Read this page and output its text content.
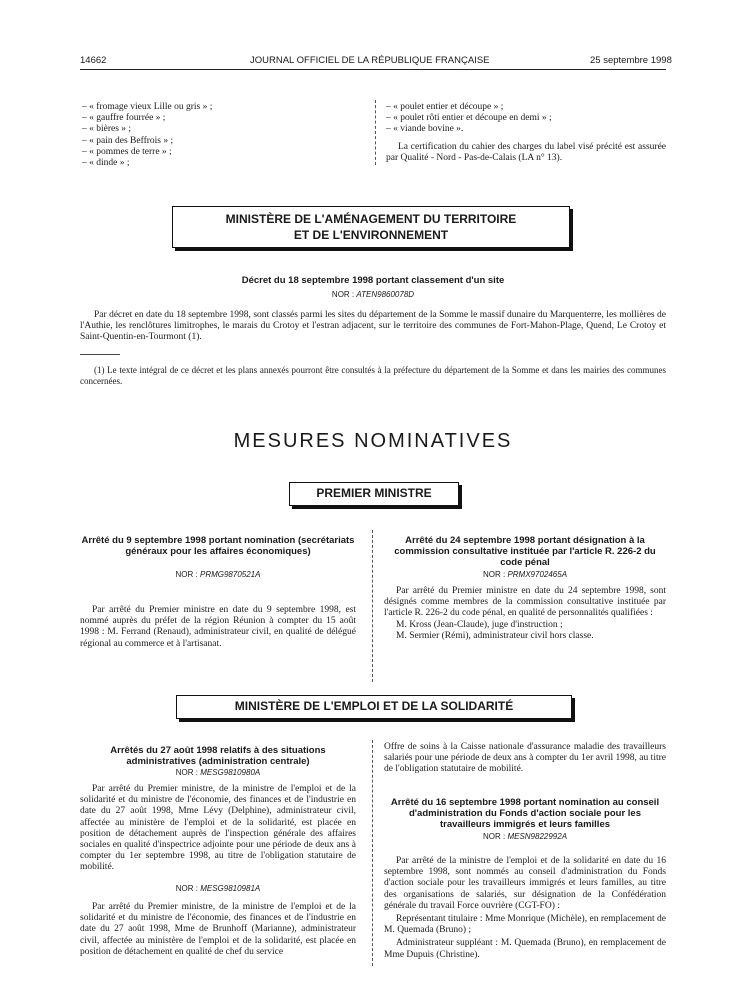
14662	JOURNAL OFFICIEL DE LA RÉPUBLIQUE FRANÇAISE	25 septembre 1998
– « fromage vieux Lille ou gris » ;
– « gauffre fourrée » ;
– « bières » ;
– « pain des Beffrois » ;
– « pommes de terre » ;
– « dinde » ;
– « poulet entier et découpe » ;
– « poulet rôti entier et découpe en demi » ;
– « viande bovine ».

La certification du cahier des charges du label visé précité est assurée par Qualité - Nord - Pas-de-Calais (LA n° 13).

MINISTÈRE DE L'AMÉNAGEMENT DU TERRITOIRE
ET DE L'ENVIRONNEMENT
Décret du 18 septembre 1998 portant classement d'un site
NOR : ATEN9860078D

Par décret en date du 18 septembre 1998, sont classés parmi les sites du département de la Somme le massif dunaire du Marquenterre, les mollières de l'Authie, les renclôtures limitrophes, le marais du Crotoy et l'estran adjacent, sur le territoire des communes de Fort-Mahon-Plage, Quend, Le Crotoy et Saint-Quentin-en-Tourmont (1).

(1) Le texte intégral de ce décret et les plans annexés pourront être consultés à la préfecture du département de la Somme et dans les mairies des communes concernées.

MESURES NOMINATIVES
PREMIER MINISTRE
Arrêté du 9 septembre 1998 portant nomination (secrétariats généraux pour les affaires économiques)
NOR : PRMG9870521A

Par arrêté du Premier ministre en date du 9 septembre 1998, est nommé auprès du préfet de la région Réunion à compter du 15 août 1998 : M. Ferrand (Renaud), administrateur civil, en qualité de délégué régional au commerce et à l'artisanat.

Arrêté du 24 septembre 1998 portant désignation à la commission consultative instituée par l'article R. 226-2 du code pénal
NOR : PRMX9702465A

Par arrêté du Premier ministre en date du 24 septembre 1998, sont désignés comme membres de la commission consultative instituée par l'article R. 226-2 du code pénal, en qualité de personnalités qualifiées :

M. Kross (Jean-Claude), juge d'instruction ;

M. Sermier (Rémi), administrateur civil hors classe.

MINISTÈRE DE L'EMPLOI ET DE LA SOLIDARITÉ
Arrêtés du 27 août 1998 relatifs à des situations administratives (administration centrale)
NOR : MESG9810980A

Par arrêté du Premier ministre, de la ministre de l'emploi et de la solidarité et du ministre de l'économie, des finances et de l'industrie en date du 27 août 1998, Mme Lévy (Delphine), administrateur civil, affectée au ministère de l'emploi et de la solidarité, est placée en position de détachement auprès de l'inspection générale des affaires sociales en qualité d'inspectrice adjointe pour une période de deux ans à compter du 1er septembre 1998, au titre de l'obligation statutaire de mobilité.

NOR : MESG9810981A

Par arrêté du Premier ministre, de la ministre de l'emploi et de la solidarité et du ministre de l'économie, des finances et de l'industrie en date du 27 août 1998, Mme de Brunhoff (Marianne), administrateur civil, affectée au ministère de l'emploi et de la solidarité, est placée en position de détachement en qualité de chef du service

Offre de soins à la Caisse nationale d'assurance maladie des travailleurs salariés pour une période de deux ans à compter du 1er avril 1998, au titre de l'obligation statutaire de mobilité.

Arrêté du 16 septembre 1998 portant nomination au conseil d'administration du Fonds d'action sociale pour les travailleurs immigrés et leurs familles
NOR : MESN9822992A

Par arrêté de la ministre de l'emploi et de la solidarité en date du 16 septembre 1998, sont nommés au conseil d'administration du Fonds d'action sociale pour les travailleurs immigrés et leurs familles, au titre des organisations de salariés, sur désignation de la Confédération générale du travail Force ouvrière (CGT-FO) :

Représentant titulaire : Mme Monrique (Michèle), en remplacement de M. Quemada (Bruno) ;

Administrateur suppléant : M. Quemada (Bruno), en remplacement de Mme Dupuis (Christine).
